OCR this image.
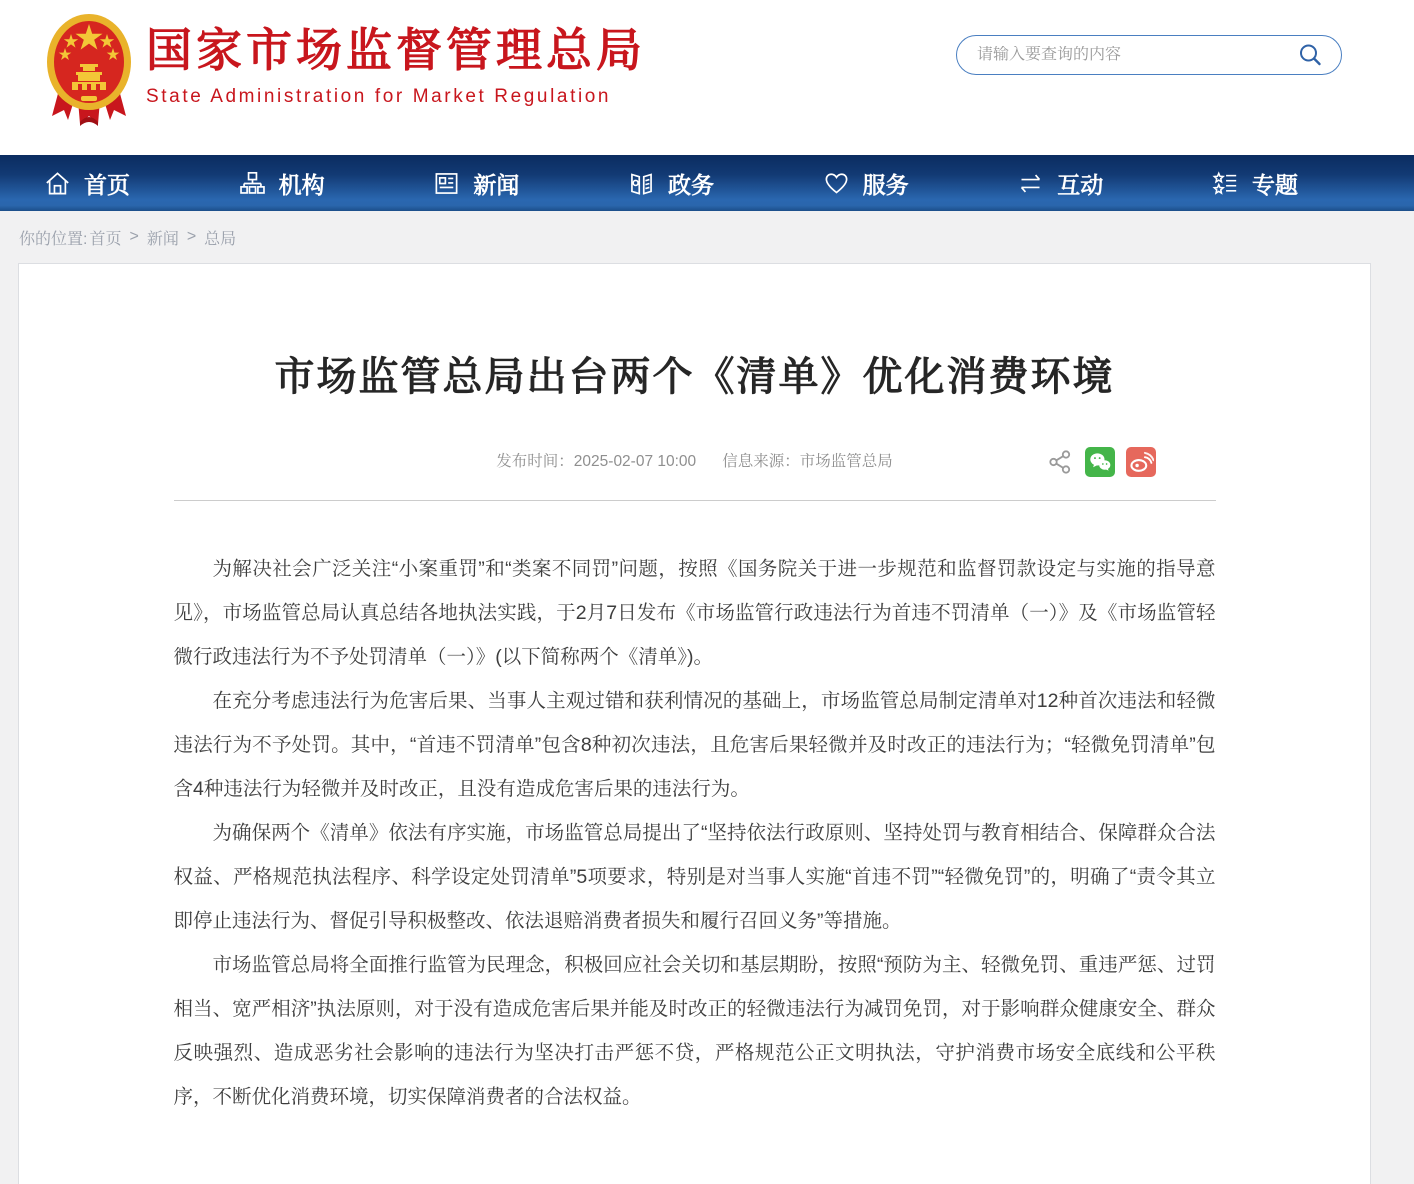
国家市场监督管理总局
State Administration for Market Regulation
请输入要查询的内容
首页	机构	新闻	政务	服务	互动	专题
你的位置: 首页 > 新闻 > 总局
市场监管总局出台两个《清单》优化消费环境
发布时间：2025-02-07 10:00 信息来源：市场监管总局

为解决社会广泛关注“小案重罚”和“类案不同罚”问题，按照《国务院关于进一步规范和监督罚款设定与实施的指导意见》，市场监管总局认真总结各地执法实践，于2月7日发布《市场监管行政违法行为首违不罚清单（一）》及《市场监管轻微行政违法行为不予处罚清单（一）》(以下简称两个《清单》)。

在充分考虑违法行为危害后果、当事人主观过错和获利情况的基础上，市场监管总局制定清单对12种首次违法和轻微违法行为不予处罚。其中，“首违不罚清单”包含8种初次违法，且危害后果轻微并及时改正的违法行为；“轻微免罚清单”包含4种违法行为轻微并及时改正，且没有造成危害后果的违法行为。

为确保两个《清单》依法有序实施，市场监管总局提出了“坚持依法行政原则、坚持处罚与教育相结合、保障群众合法权益、严格规范执法程序、科学设定处罚清单”5项要求，特别是对当事人实施“首违不罚”“轻微免罚”的，明确了“责令其立即停止违法行为、督促引导积极整改、依法退赔消费者损失和履行召回义务”等措施。

市场监管总局将全面推行监管为民理念，积极回应社会关切和基层期盼，按照“预防为主、轻微免罚、重违严惩、过罚相当、宽严相济”执法原则，对于没有造成危害后果并能及时改正的轻微违法行为减罚免罚，对于影响群众健康安全、群众反映强烈、造成恶劣社会影响的违法行为坚决打击严惩不贷，严格规范公正文明执法，守护消费市场安全底线和公平秩序，不断优化消费环境，切实保障消费者的合法权益。
